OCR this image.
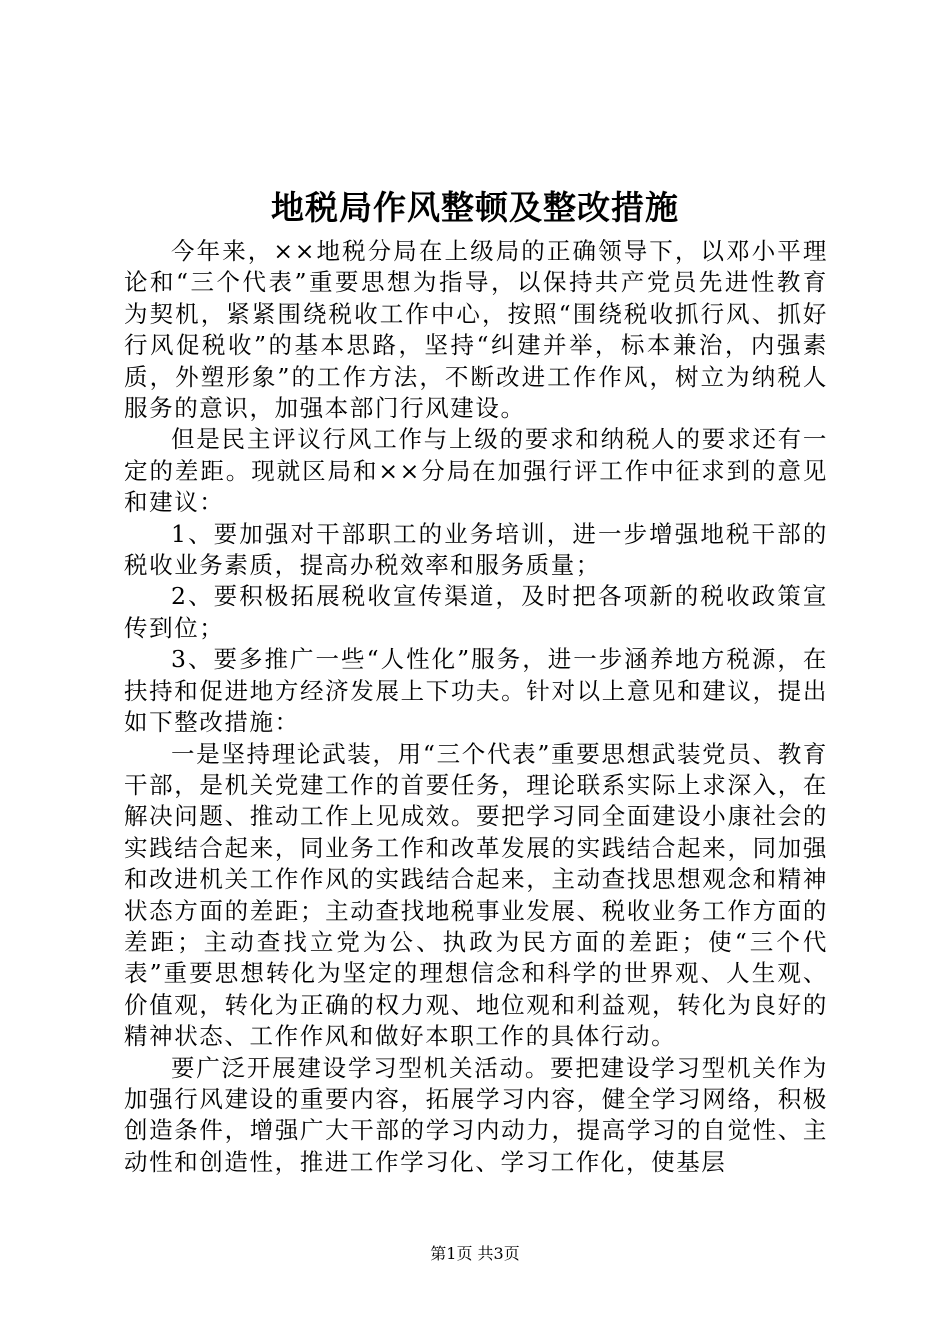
地税局作风整顿及整改措施

今年来，××地税分局在上级局的正确领导下，以邓小平理论和“三个代表”重要思想为指导，以保持共产党员先进性教育为契机，紧紧围绕税收工作中心，按照“围绕税收抓行风、抓好行风促税收”的基本思路，坚持“纠建并举，标本兼治，内强素质，外塑形象”的工作方法，不断改进工作作风，树立为纳税人服务的意识，加强本部门行风建设。

但是民主评议行风工作与上级的要求和纳税人的要求还有一定的差距。现就区局和××分局在加强行评工作中征求到的意见和建议：

1、要加强对干部职工的业务培训，进一步增强地税干部的税收业务素质，提高办税效率和服务质量；

2、要积极拓展税收宣传渠道，及时把各项新的税收政策宣传到位；

3、要多推广一些“人性化”服务，进一步涵养地方税源，在扶持和促进地方经济发展上下功夫。针对以上意见和建议，提出如下整改措施：

一是坚持理论武装，用“三个代表”重要思想武装党员、教育干部，是机关党建工作的首要任务，理论联系实际上求深入，在解决问题、推动工作上见成效。要把学习同全面建设小康社会的实践结合起来，同业务工作和改革发展的实践结合起来，同加强和改进机关工作作风的实践结合起来，主动查找思想观念和精神状态方面的差距；主动查找地税事业发展、税收业务工作方面的差距；主动查找立党为公、执政为民方面的差距；使“三个代表”重要思想转化为坚定的理想信念和科学的世界观、人生观、价值观，转化为正确的权力观、地位观和利益观，转化为良好的精神状态、工作作风和做好本职工作的具体行动。

要广泛开展建设学习型机关活动。要把建设学习型机关作为加强行风建设的重要内容，拓展学习内容，健全学习网络，积极创造条件，增强广大干部的学习内动力，提高学习的自觉性、主动性和创造性，推进工作学习化、学习工作化，使基层

第1页 共3页
